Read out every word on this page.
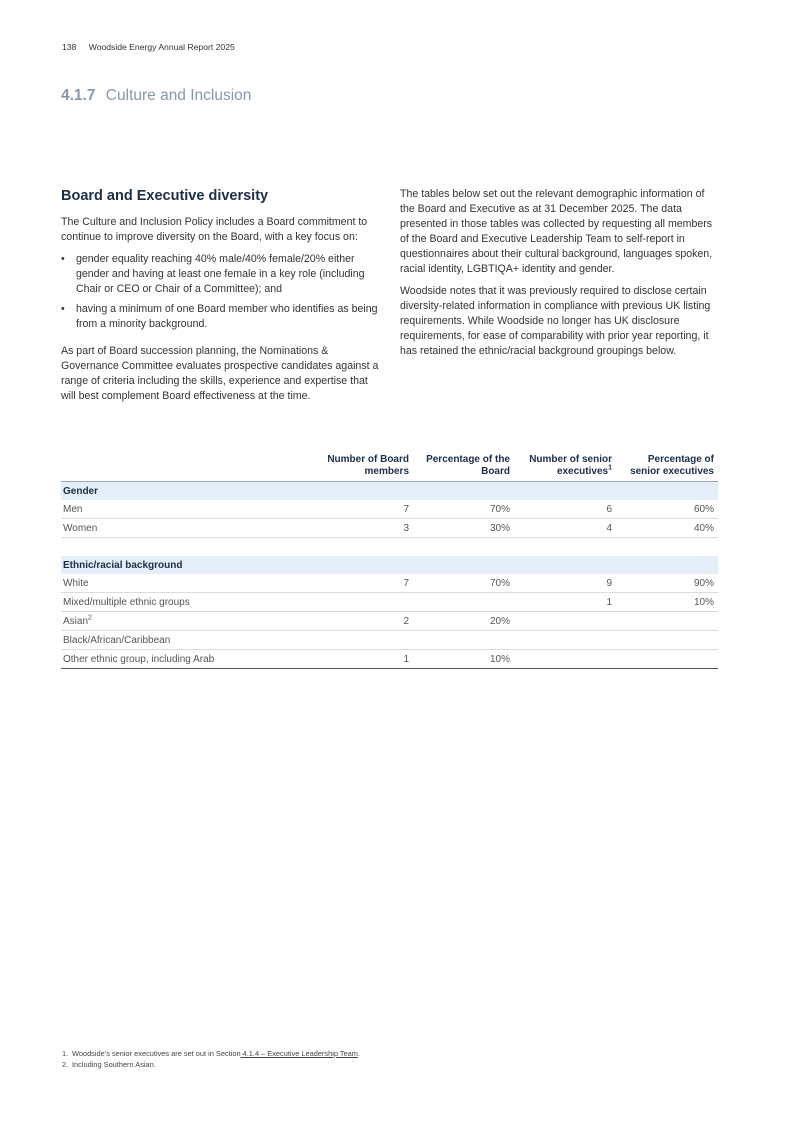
138 Woodside Energy Annual Report 2025
4.1.7 Culture and Inclusion
Board and Executive diversity

The Culture and Inclusion Policy includes a Board commitment to continue to improve diversity on the Board, with a key focus on:

• gender equality reaching 40% male/40% female/20% either gender and having at least one female in a key role (including Chair or CEO or Chair of a Committee); and
• having a minimum of one Board member who identifies as being from a minority background.

As part of Board succession planning, the Nominations & Governance Committee evaluates prospective candidates against a range of criteria including the skills, experience and expertise that will best complement Board effectiveness at the time.

The tables below set out the relevant demographic information of the Board and Executive as at 31 December 2025. The data presented in those tables was collected by requesting all members of the Board and Executive Leadership Team to self-report in questionnaires about their cultural background, languages spoken, racial identity, LGBTIQA+ identity and gender.

Woodside notes that it was previously required to disclose certain diversity-related information in compliance with previous UK listing requirements. While Woodside no longer has UK disclosure requirements, for ease of comparability with prior year reporting, it has retained the ethnic/racial background groupings below.

	Number of Board members	Percentage of the Board	Number of senior executives$^1$	Percentage of senior executives
Gender				
Men	7	70%	6	60%
Women	3	30%	4	40%

Ethnic/racial background				
White	7	70%	9	90%
Mixed/multiple ethnic groups			1	10%
Asian$^2$	2	20%		
Black/African/Caribbean				
Other ethnic group, including Arab	1	10%		
1. Woodside’s senior executives are set out in Section 4.1.4 – Executive Leadership Team.
2. Including Southern Asian.
